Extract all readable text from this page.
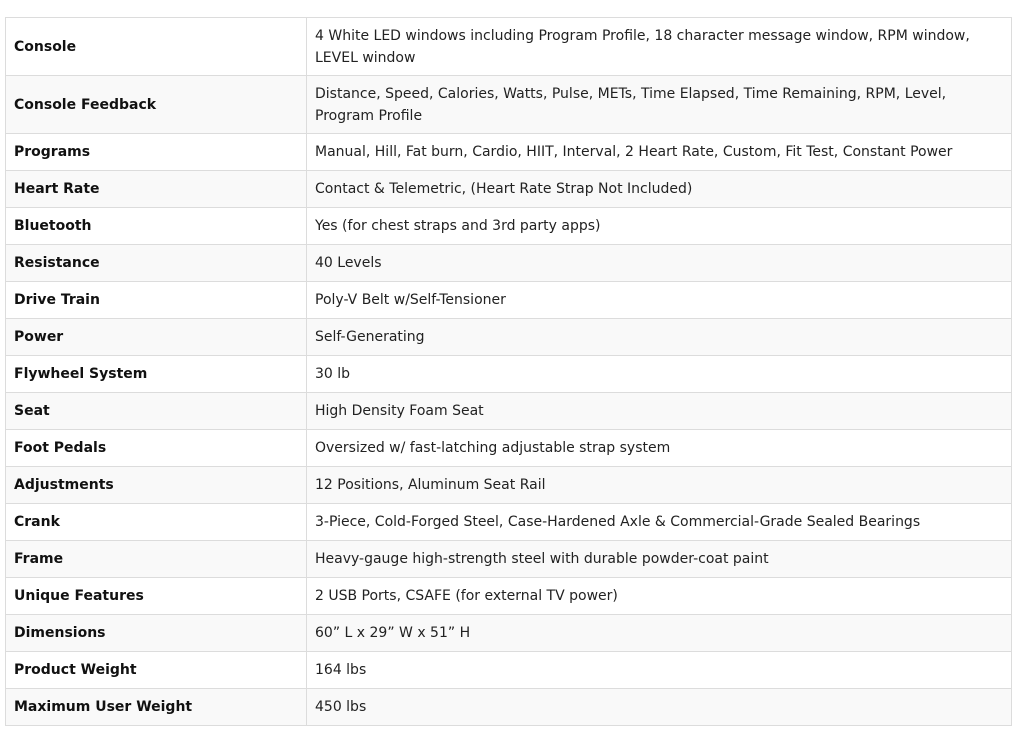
Console	4 White LED windows including Program Profile, 18 character message window, RPM window, LEVEL window
Console Feedback	Distance, Speed, Calories, Watts, Pulse, METs, Time Elapsed, Time Remaining, RPM, Level, Program Profile
Programs	Manual, Hill, Fat burn, Cardio, HIIT, Interval, 2 Heart Rate, Custom, Fit Test, Constant Power
Heart Rate	Contact & Telemetric, (Heart Rate Strap Not Included)
Bluetooth	Yes (for chest straps and 3rd party apps)
Resistance	40 Levels
Drive Train	Poly-V Belt w/Self-Tensioner
Power	Self-Generating
Flywheel System	30 lb
Seat	High Density Foam Seat
Foot Pedals	Oversized w/ fast-latching adjustable strap system
Adjustments	12 Positions, Aluminum Seat Rail
Crank	3-Piece, Cold-Forged Steel, Case-Hardened Axle & Commercial-Grade Sealed Bearings
Frame	Heavy-gauge high-strength steel with durable powder-coat paint
Unique Features	2 USB Ports, CSAFE (for external TV power)
Dimensions	60” L x 29” W x 51” H
Product Weight	164 lbs
Maximum User Weight	450 lbs
